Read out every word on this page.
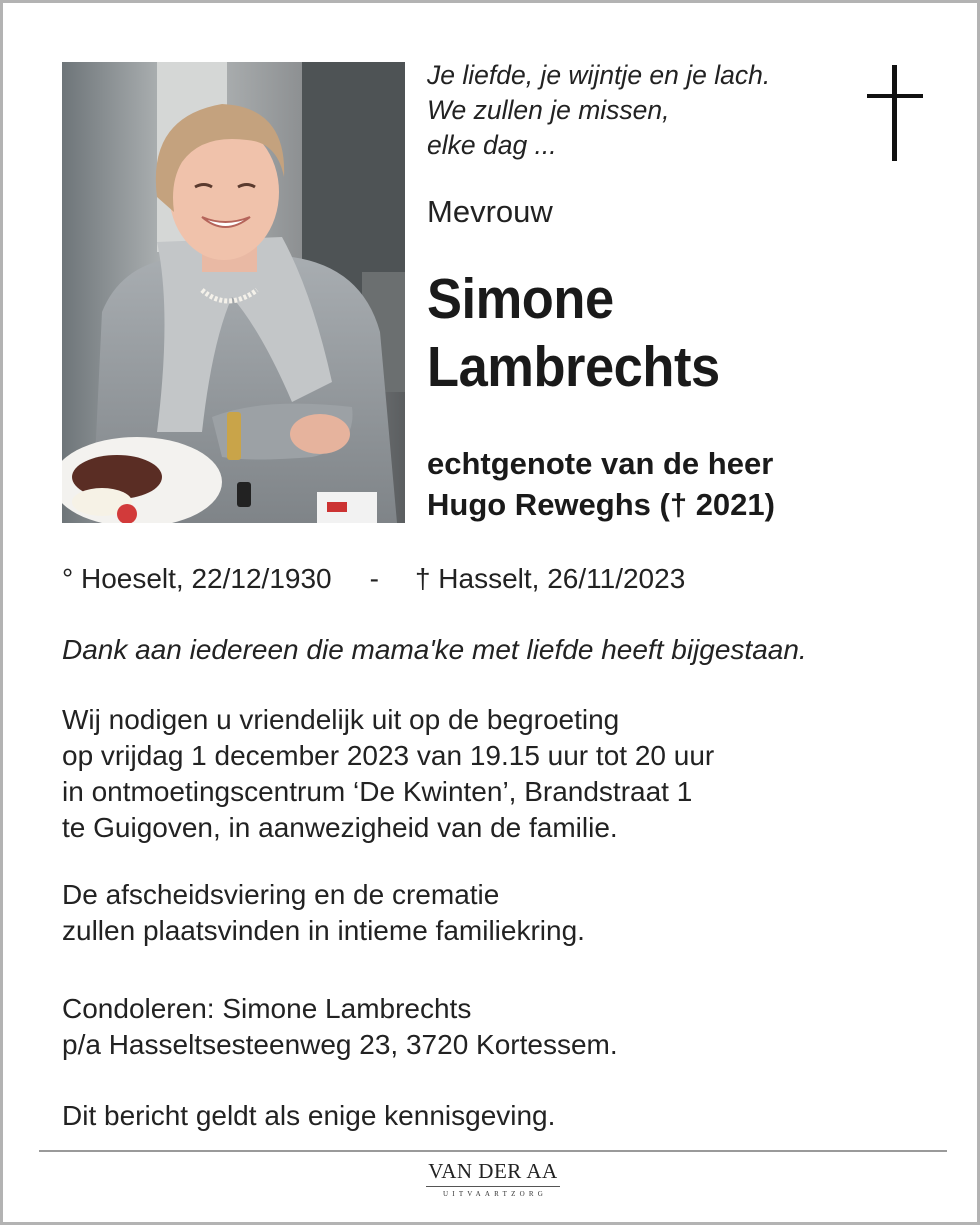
Je liefde, je wijntje en je lach.
We zullen je missen,
elke dag ...
Mevrouw
Simone
Lambrechts
echtgenote van de heer
Hugo Reweghs († 2021)
° Hoeselt, 22/12/1930 - † Hasselt, 26/11/2023
Dank aan iedereen die mama'ke met liefde heeft bijgestaan.
Wij nodigen u vriendelijk uit op de begroeting
op vrijdag 1 december 2023 van 19.15 uur tot 20 uur
in ontmoetingscentrum ‘De Kwinten’, Brandstraat 1
te Guigoven, in aanwezigheid van de familie.
De afscheidsviering en de crematie
zullen plaatsvinden in intieme familiekring.
Condoleren: Simone Lambrechts
p/a Hasseltsesteenweg 23, 3720 Kortessem.
Dit bericht geldt als enige kennisgeving.
VAN DER AA
UITVAARTZORG
